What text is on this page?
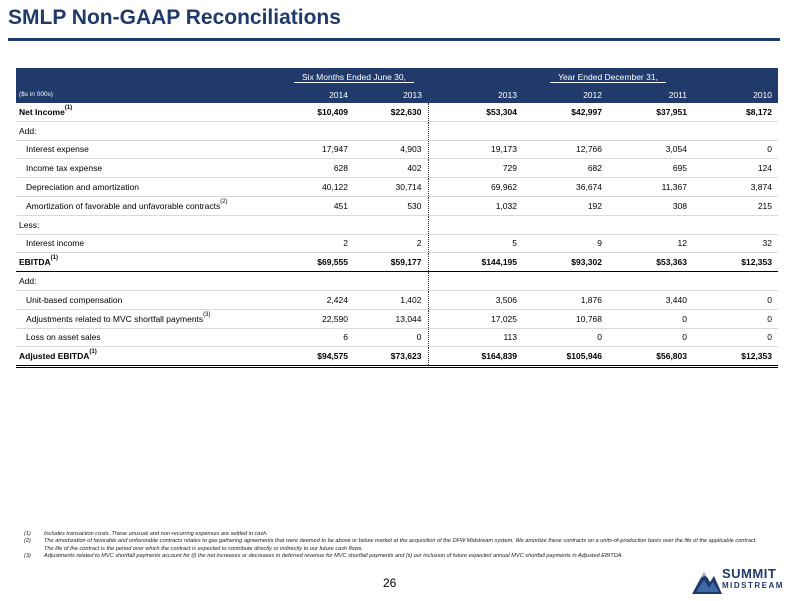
SMLP Non-GAAP Reconciliations
	Six Months Ended June 30,			Year Ended December 31,			
($s in 000s)	2014	2013		2013	2012	2011	2010
Net Income$^{(1)}$	$10,409	$22,630		$53,304	$42,997	$37,951	$8,172
Add:							
Interest expense	17,947	4,903		19,173	12,766	3,054	0
Income tax expense	628	402		729	682	695	124
Depreciation and amortization	40,122	30,714		69,962	36,674	11,367	3,874
Amortization of favorable and unfavorable contracts$^{(2)}$	451	530		1,032	192	308	215
Less:							
Interest income	2	2		5	9	12	32
EBITDA$^{(1)}$	$69,555	$59,177		$144,195	$93,302	$53,363	$12,353
Add:							
Unit-based compensation	2,424	1,402		3,506	1,876	3,440	0
Adjustments related to MVC shortfall payments$^{(3)}$	22,590	13,044		17,025	10,768	0	0
Loss on asset sales	6	0		113	0	0	0
Adjusted EBITDA$^{(1)}$	$94,575	$73,623		$164,839	$105,946	$56,803	$12,353
(1)	Includes transaction costs. These unusual and non-recurring expenses are settled in cash.
(2)	The amortization of favorable and unfavorable contracts relates to gas gathering agreements that were deemed to be above or below market at the acquisition of the DFW Midstream system. We amortize these contracts on a units-of-production basis over the life of the applicable contract. The life of the contract is the period over which the contract is expected to contribute directly or indirectly to our future cash flows.
(3)	Adjustments related to MVC shortfall payments account for (i) the net increases or decreases in deferred revenue for MVC shortfall payments and (ii) our inclusion of future expected annual MVC shortfall payments in Adjusted EBITDA.
26
SUMMIT
MIDSTREAM
